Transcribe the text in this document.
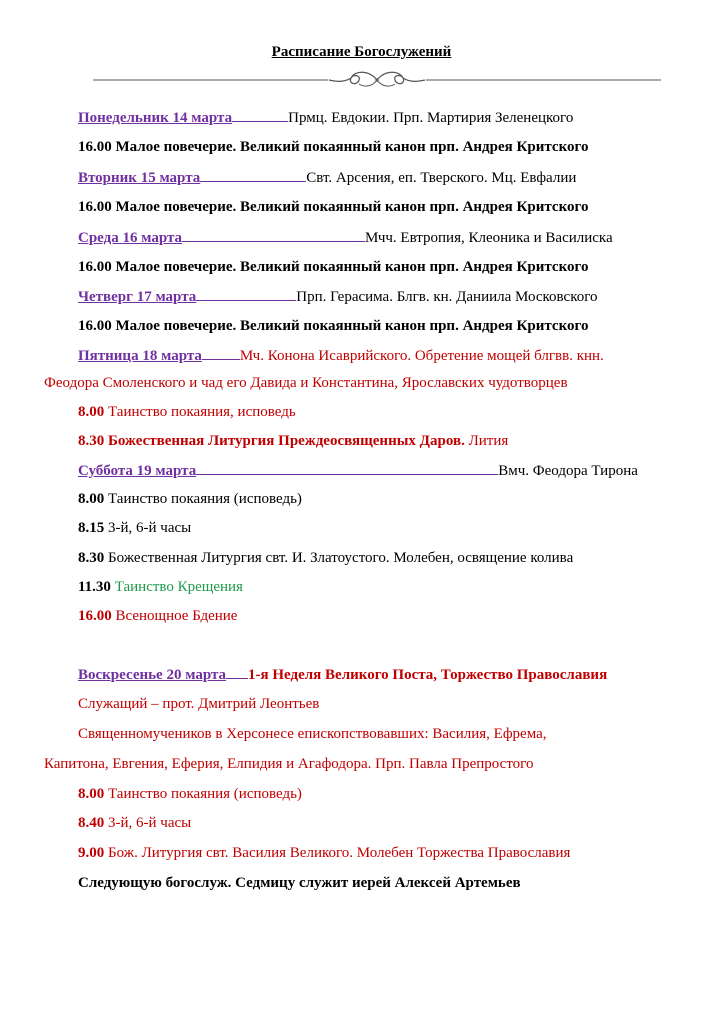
Расписание Богослужений
Понедельник 14 марта	Прмц. Евдокии. Прп. Мартирия Зеленецкого
16.00 Малое повечерие. Великий покаянный канон прп. Андрея Критского
Вторник 15 марта	Свт. Арсения, еп. Тверского. Мц. Евфалии
16.00 Малое повечерие. Великий покаянный канон прп. Андрея Критского
Среда 16 марта	Мчч. Евтропия, Клеоника и Василиска
16.00 Малое повечерие. Великий покаянный канон прп. Андрея Критского
Четверг 17 марта	Прп. Герасима. Блгв. кн. Даниила Московского
16.00 Малое повечерие. Великий покаянный канон прп. Андрея Критского
Пятница 18 марта	Мч. Конона Исаврийского. Обретение мощей блгвв. кнн.
Феодора Смоленского и чад его Давида и Константина, Ярославских чудотворцев
8.00 Таинство покаяния, исповедь
8.30 Божественная Литургия Преждеосвященных Даров. Лития
Суббота 19 марта	Вмч. Феодора Тирона
8.00 Таинство покаяния (исповедь)
8.15 3-й, 6-й часы
8.30 Божественная Литургия свт. И. Златоустого. Молебен, освящение колива
11.30 Таинство Крещения
16.00 Всенощное Бдение
Воскресенье 20 марта 1-я Неделя Великого Поста, Торжество Православия
Служащий – прот. Дмитрий Леонтьев
Священномучеников в Херсонесе епископствовавших: Василия, Ефрема,
Капитона, Евгения, Еферия, Елпидия и Агафодора. Прп. Павла Препростого
8.00 Таинство покаяния (исповедь)
8.40 3-й, 6-й часы
9.00 Бож. Литургия свт. Василия Великого. Молебен Торжества Православия
Следующую богослуж. Седмицу служит иерей Алексей Артемьев
